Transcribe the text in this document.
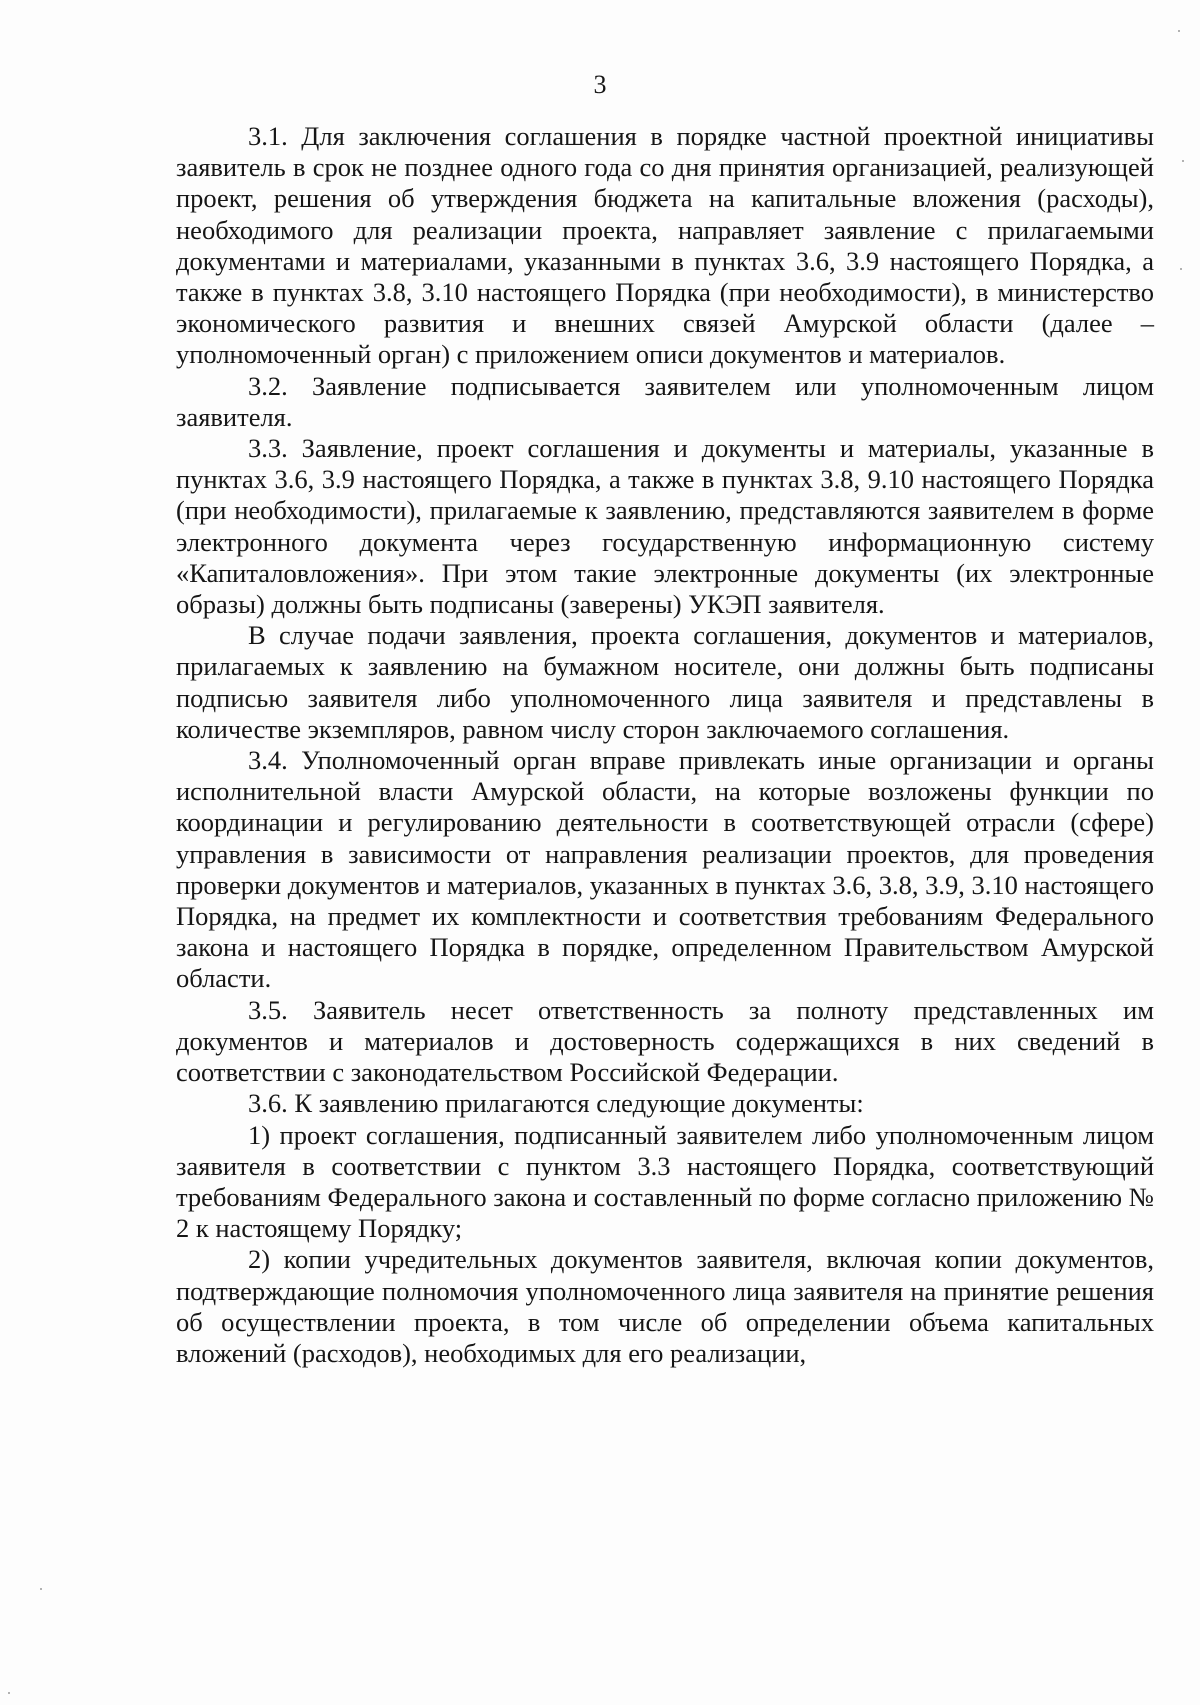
3

3.1. Для заключения соглашения в порядке частной проектной инициативы заявитель в срок не позднее одного года со дня принятия организацией, реализующей проект, решения об утверждения бюджета на капитальные вложения (расходы), необходимого для реализации проекта, направляет заявление с прилагаемыми документами и материалами, указанными в пунктах 3.6, 3.9 настоящего Порядка, а также в пунктах 3.8, 3.10 настоящего Порядка (при необходимости), в министерство экономического развития и внешних связей Амурской области (далее – уполномоченный орган) с приложением описи документов и материалов.

3.2. Заявление подписывается заявителем или уполномоченным лицом заявителя.

3.3. Заявление, проект соглашения и документы и материалы, указанные в пунктах 3.6, 3.9 настоящего Порядка, а также в пунктах 3.8, 9.10 настоящего Порядка (при необходимости), прилагаемые к заявлению, представляются заявителем в форме электронного документа через государственную информационную систему «Капиталовложения». При этом такие электронные документы (их электронные образы) должны быть подписаны (заверены) УКЭП заявителя.

В случае подачи заявления, проекта соглашения, документов и материалов, прилагаемых к заявлению на бумажном носителе, они должны быть подписаны подписью заявителя либо уполномоченного лица заявителя и представлены в количестве экземпляров, равном числу сторон заключаемого соглашения.

3.4. Уполномоченный орган вправе привлекать иные организации и органы исполнительной власти Амурской области, на которые возложены функции по координации и регулированию деятельности в соответствующей отрасли (сфере) управления в зависимости от направления реализации проектов, для проведения проверки документов и материалов, указанных в пунктах 3.6, 3.8, 3.9, 3.10 настоящего Порядка, на предмет их комплектности и соответствия требованиям Федерального закона и настоящего Порядка в порядке, определенном Правительством Амурской области.

3.5. Заявитель несет ответственность за полноту представленных им документов и материалов и достоверность содержащихся в них сведений в соответствии с законодательством Российской Федерации.

3.6. К заявлению прилагаются следующие документы:

1) проект соглашения, подписанный заявителем либо уполномоченным лицом заявителя в соответствии с пунктом 3.3 настоящего Порядка, соответствующий требованиям Федерального закона и составленный по форме согласно приложению № 2 к настоящему Порядку;

2) копии учредительных документов заявителя, включая копии документов, подтверждающие полномочия уполномоченного лица заявителя на принятие решения об осуществлении проекта, в том числе об определении объема капитальных вложений (расходов), необходимых для его реализации,
